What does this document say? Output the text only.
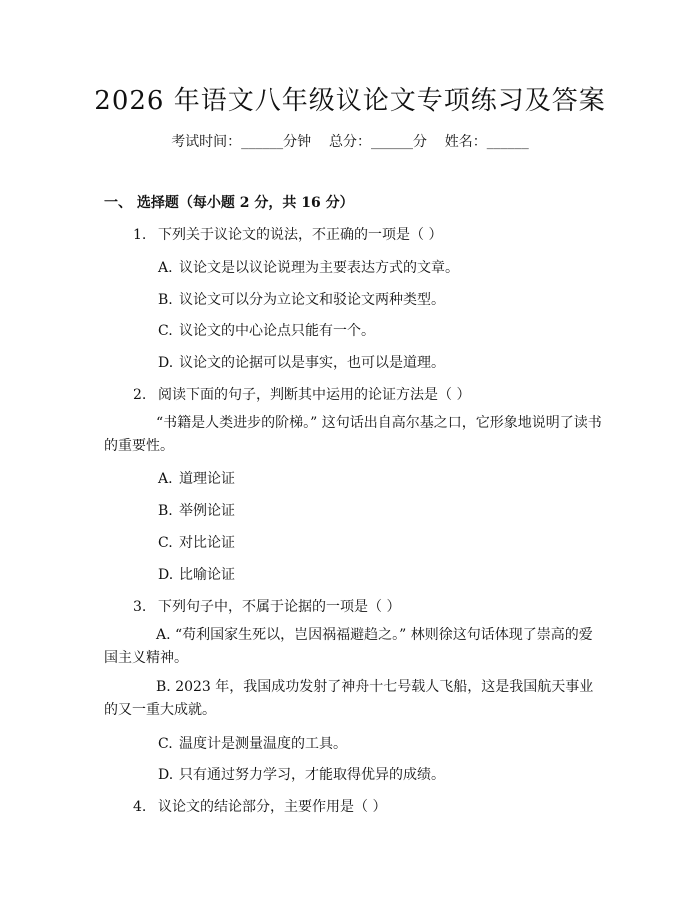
2026 年语文八年级议论文专项练习及答案
考试时间：______分钟    总分：______分    姓名：______
一、 选择题（每小题 2 分，共 16 分）
1. 下列关于议论文的说法，不正确的一项是（ ）
A. 议论文是以议论说理为主要表达方式的文章。
B. 议论文可以分为立论文和驳论文两种类型。
C. 议论文的中心论点只能有一个。
D. 议论文的论据可以是事实，也可以是道理。
2. 阅读下面的句子，判断其中运用的论证方法是（ ）
“书籍是人类进步的阶梯。” 这句话出自高尔基之口，它形象地说明了读书的重要性。
A. 道理论证
B. 举例论证
C. 对比论证
D. 比喻论证
3. 下列句子中，不属于论据的一项是（ ）
A. “苟利国家生死以，岂因祸福避趋之。” 林则徐这句话体现了崇高的爱国主义精神。
B. 2023 年，我国成功发射了神舟十七号载人飞船，这是我国航天事业的又一重大成就。
C. 温度计是测量温度的工具。
D. 只有通过努力学习，才能取得优异的成绩。
4. 议论文的结论部分，主要作用是（ ）
